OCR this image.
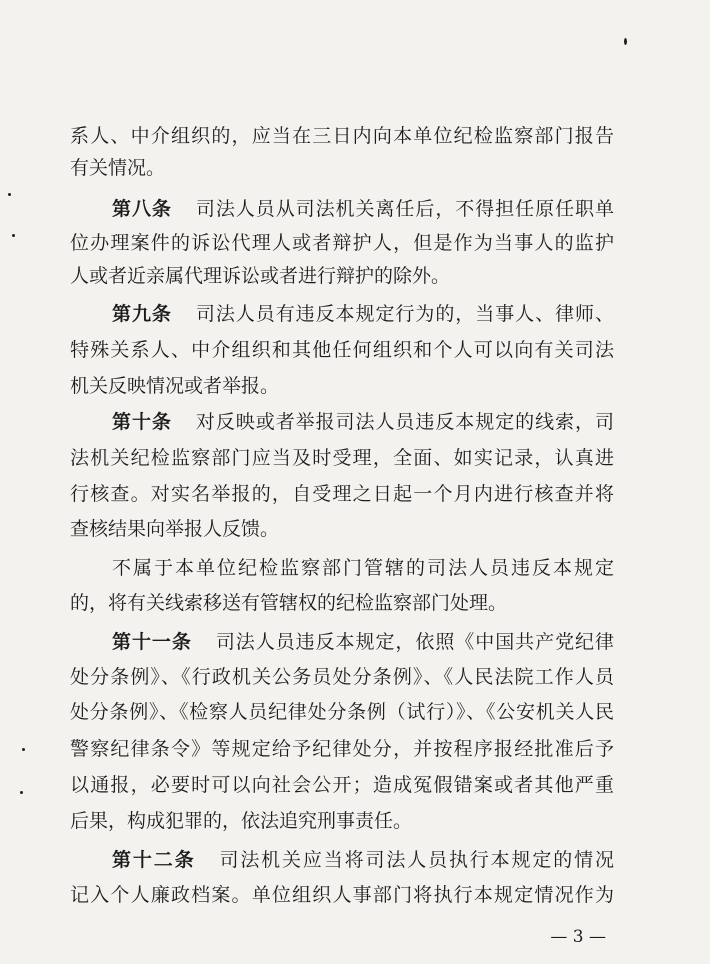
系人、中介组织的，应当在三日内向本单位纪检监察部门报告
有关情况。
第八条 司法人员从司法机关离任后，不得担任原任职单
位办理案件的诉讼代理人或者辩护人，但是作为当事人的监护
人或者近亲属代理诉讼或者进行辩护的除外。
第九条 司法人员有违反本规定行为的，当事人、律师、
特殊关系人、中介组织和其他任何组织和个人可以向有关司法
机关反映情况或者举报。
第十条 对反映或者举报司法人员违反本规定的线索，司
法机关纪检监察部门应当及时受理，全面、如实记录，认真进
行核查。对实名举报的，自受理之日起一个月内进行核查并将
查核结果向举报人反馈。
不属于本单位纪检监察部门管辖的司法人员违反本规定
的，将有关线索移送有管辖权的纪检监察部门处理。
第十一条 司法人员违反本规定，依照《中国共产党纪律
处分条例》、《行政机关公务员处分条例》、《人民法院工作人员
处分条例》、《检察人员纪律处分条例（试行）》、《公安机关人民
警察纪律条令》等规定给予纪律处分，并按程序报经批准后予
以通报，必要时可以向社会公开；造成冤假错案或者其他严重
后果，构成犯罪的，依法追究刑事责任。
第十二条 司法机关应当将司法人员执行本规定的情况
记入个人廉政档案。单位组织人事部门将执行本规定情况作为
— 3 —
